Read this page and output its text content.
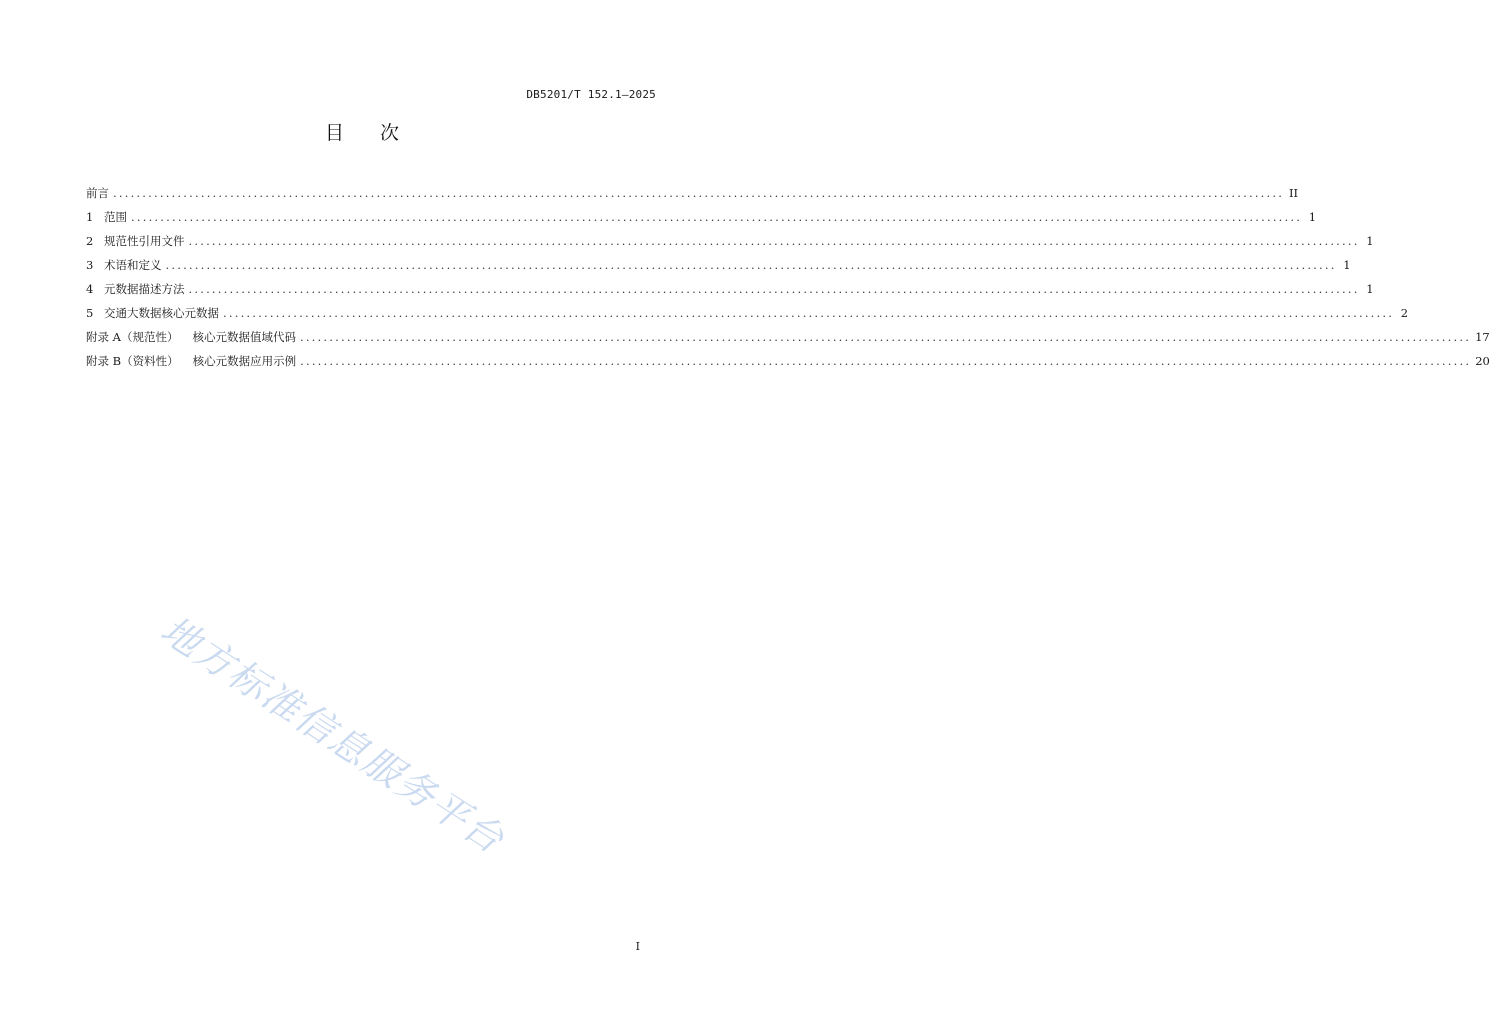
DB5201/T 152.1—2025
目 次
前言 ........................................................................................................................................................................................................ II
1 范围 ........................................................................................................................................................................................................ 1
2 规范性引用文件 ........................................................................................................................................................................................................ 1
3 术语和定义 ........................................................................................................................................................................................................ 1
4 元数据描述方法 ........................................................................................................................................................................................................ 1
5 交通大数据核心元数据 ........................................................................................................................................................................................................ 2
附录 A（规范性） 核心元数据值域代码 ........................................................................................................................................................................................................ 17
附录 B（资料性） 核心元数据应用示例 ........................................................................................................................................................................................................ 20
地方标准信息服务平台
I
